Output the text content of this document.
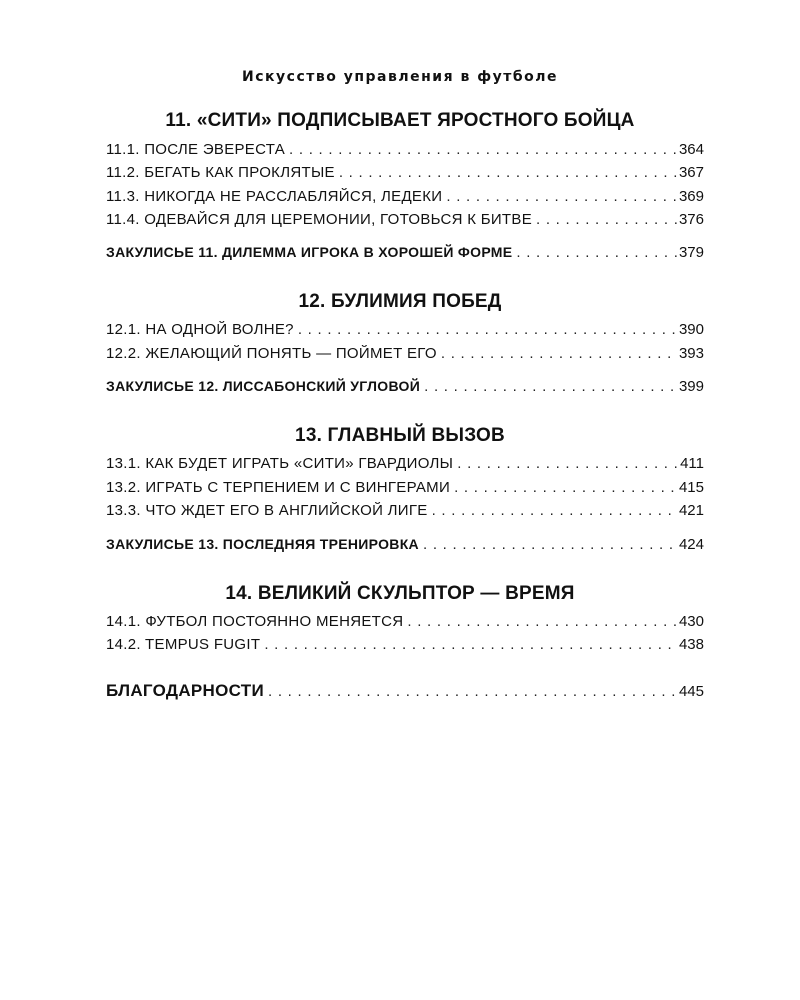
Искусство управления в футболе
11. «СИТИ» ПОДПИСЫВАЕТ ЯРОСТНОГО БОЙЦА
11.1. ПОСЛЕ ЭВЕРЕСТА . . .	364
11.2. БЕГАТЬ КАК ПРОКЛЯТЫЕ . . .	367
11.3. НИКОГДА НЕ РАССЛАБЛЯЙСЯ, ЛЕДЕКИ . . .	369
11.4. ОДЕВАЙСЯ ДЛЯ ЦЕРЕМОНИИ, ГОТОВЬСЯ К БИТВЕ . . .	376
ЗАКУЛИСЬЕ 11. ДИЛЕММА ИГРОКА В ХОРОШЕЙ ФОРМЕ . . .	379
12. БУЛИМИЯ ПОБЕД
12.1. НА ОДНОЙ ВОЛНЕ? . . .	390
12.2. ЖЕЛАЮЩИЙ ПОНЯТЬ — ПОЙМЕТ ЕГО . . .	393
ЗАКУЛИСЬЕ 12. ЛИССАБОНСКИЙ УГЛОВОЙ . . .	399
13. ГЛАВНЫЙ ВЫЗОВ
13.1. КАК БУДЕТ ИГРАТЬ «СИТИ» ГВАРДИОЛЫ . . .	411
13.2. ИГРАТЬ С ТЕРПЕНИЕМ И С ВИНГЕРАМИ . . .	415
13.3. ЧТО ЖДЕТ ЕГО В АНГЛИЙСКОЙ ЛИГЕ . . .	421
ЗАКУЛИСЬЕ 13. ПОСЛЕДНЯЯ ТРЕНИРОВКА . . .	424
14. ВЕЛИКИЙ СКУЛЬПТОР — ВРЕМЯ
14.1. ФУТБОЛ ПОСТОЯННО МЕНЯЕТСЯ . . .	430
14.2. TEMPUS FUGIT . . .	438
БЛАГОДАРНОСТИ . . .	445
